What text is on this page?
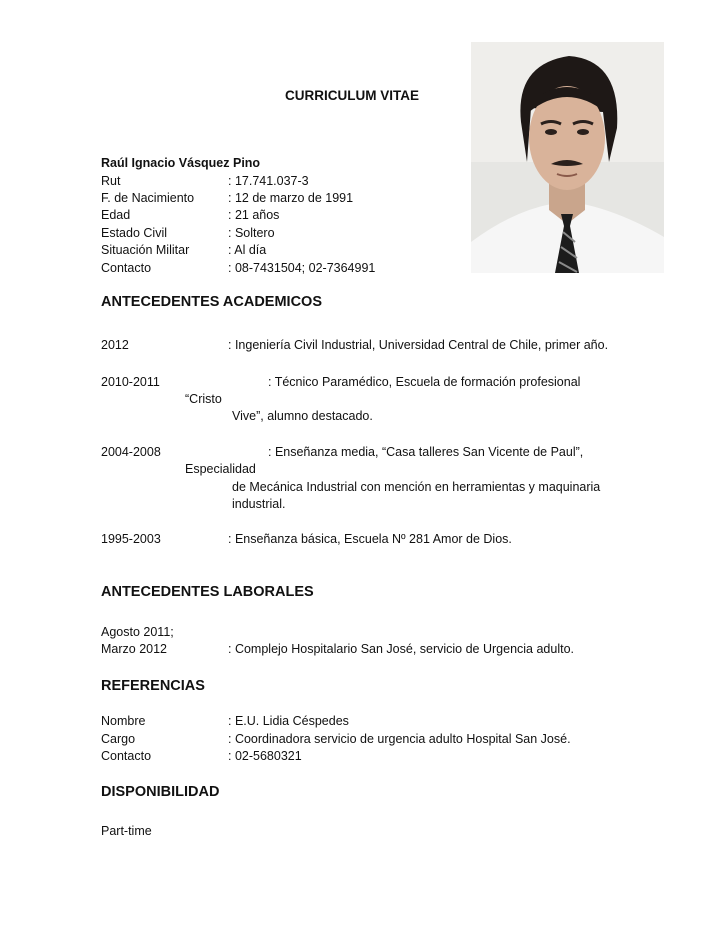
CURRICULUM VITAE
Raúl Ignacio Vásquez Pino
Rut	: 17.741.037-3
F. de Nacimiento	: 12 de marzo de 1991
Edad	: 21 años
Estado Civil	: Soltero
Situación Militar	: Al día
Contacto	: 08-7431504; 02-7364991
ANTECEDENTES ACADEMICOS
2012	: Ingeniería Civil Industrial, Universidad Central de Chile, primer año.
2010-2011	: Técnico Paramédico, Escuela de formación profesional
“Cristo
Vive”, alumno destacado.
2004-2008	: Enseñanza media, “Casa talleres San Vicente de Paul”,
Especialidad
de Mecánica Industrial con mención en herramientas y maquinaria
industrial.
1995-2003	: Enseñanza básica, Escuela Nº 281 Amor de Dios.
ANTECEDENTES LABORALES
Agosto 2011;
Marzo 2012	: Complejo Hospitalario San José, servicio de Urgencia adulto.
REFERENCIAS
Nombre	: E.U. Lidia Céspedes
Cargo	: Coordinadora servicio de urgencia adulto Hospital San José.
Contacto	: 02-5680321
DISPONIBILIDAD
Part-time
